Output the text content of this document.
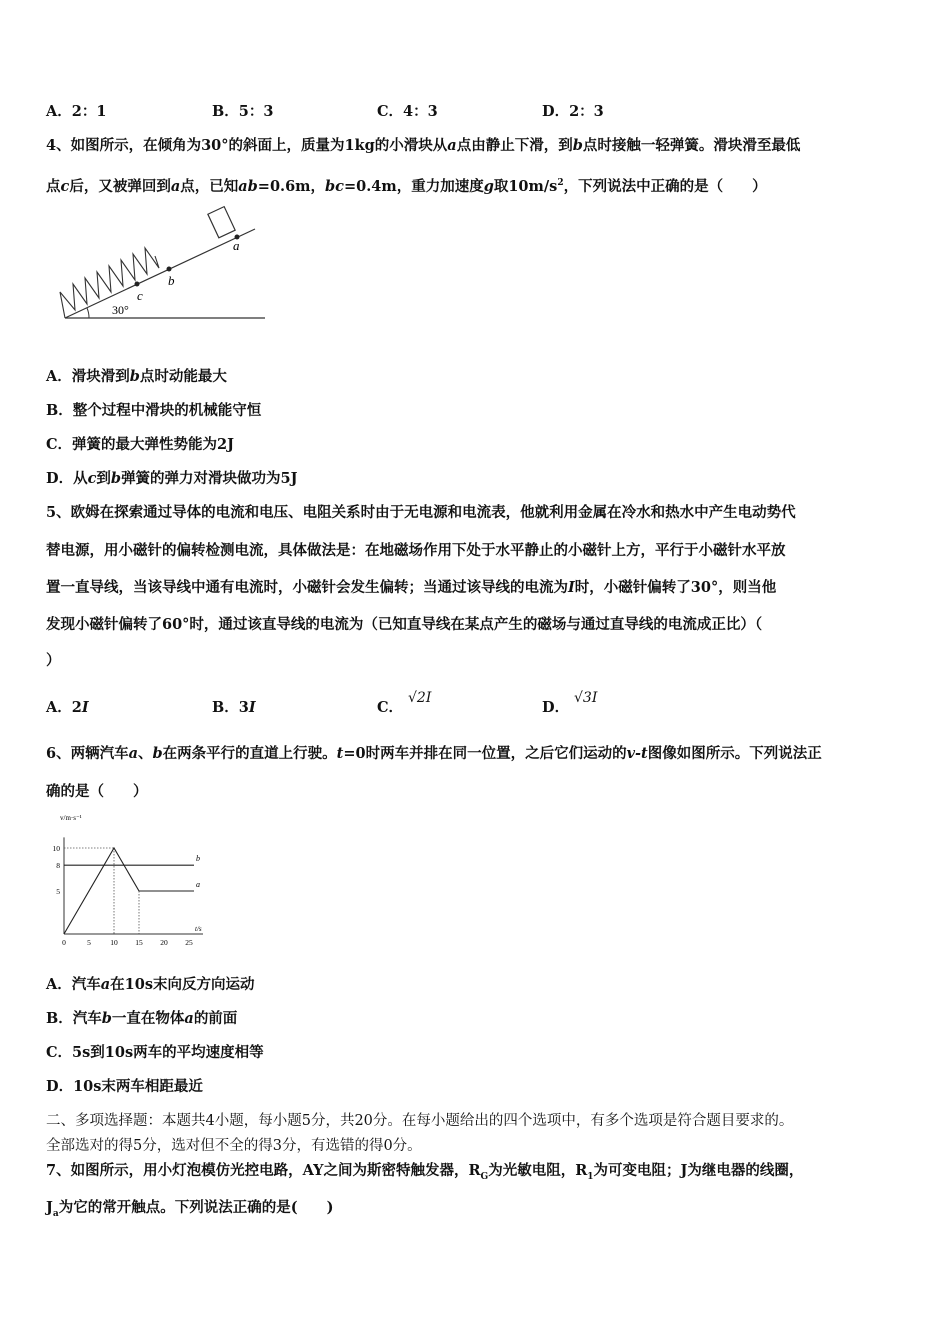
A．2：1	B．5：3	C．4：3	D．2：3
4、如图所示，在倾角为30°的斜面上，质量为1kg的小滑块从a点由静止下滑，到b点时接触一轻弹簧。滑块滑至最低
点c后，又被弹回到a点，已知ab=0.6m，bc=0.4m，重力加速度g取$10m/s^2$，下列说法中正确的是（　　）
a
b
c
30°
A．滑块滑到b点时动能最大
B．整个过程中滑块的机械能守恒
C．弹簧的最大弹性势能为2J
D．从c到b弹簧的弹力对滑块做功为5J
5、欧姆在探索通过导体的电流和电压、电阻关系时由于无电源和电流表，他就利用金属在冷水和热水中产生电动势代
替电源，用小磁针的偏转检测电流，具体做法是：在地磁场作用下处于水平静止的小磁针上方，平行于小磁针水平放
置一直导线，当该导线中通有电流时，小磁针会发生偏转；当通过该导线的电流为I时，小磁针偏转了30°，则当他
发现小磁针偏转了60°时，通过该直导线的电流为（已知直导线在某点产生的磁场与通过直导线的电流成正比）（
）
A．2I	B．3I	C．
√2I
D．
√3I
6、两辆汽车a、b在两条平行的直道上行驶。t=0时两车并排在同一位置，之后它们运动的v-t图像如图所示。下列说法正
确的是（　　）
v/m·s⁻¹
t/s
0	5	10 15 20 25
5
8
10
a
b
A．汽车a在10s末向反方向运动
B．汽车b一直在物体a的前面
C．5s到10s两车的平均速度相等
D．10s末两车相距最近
二、多项选择题：本题共4小题，每小题5分，共20分。在每小题给出的四个选项中，有多个选项是符合题目要求的。
全部选对的得5分，选对但不全的得3分，有选错的得0分。
7、如图所示，用小灯泡模仿光控电路，AY之间为斯密特触发器，$R_G$为光敏电阻，$R_1$为可变电阻；J为继电器的线圈，
$J_a$为它的常开触点。下列说法正确的是(　　)
